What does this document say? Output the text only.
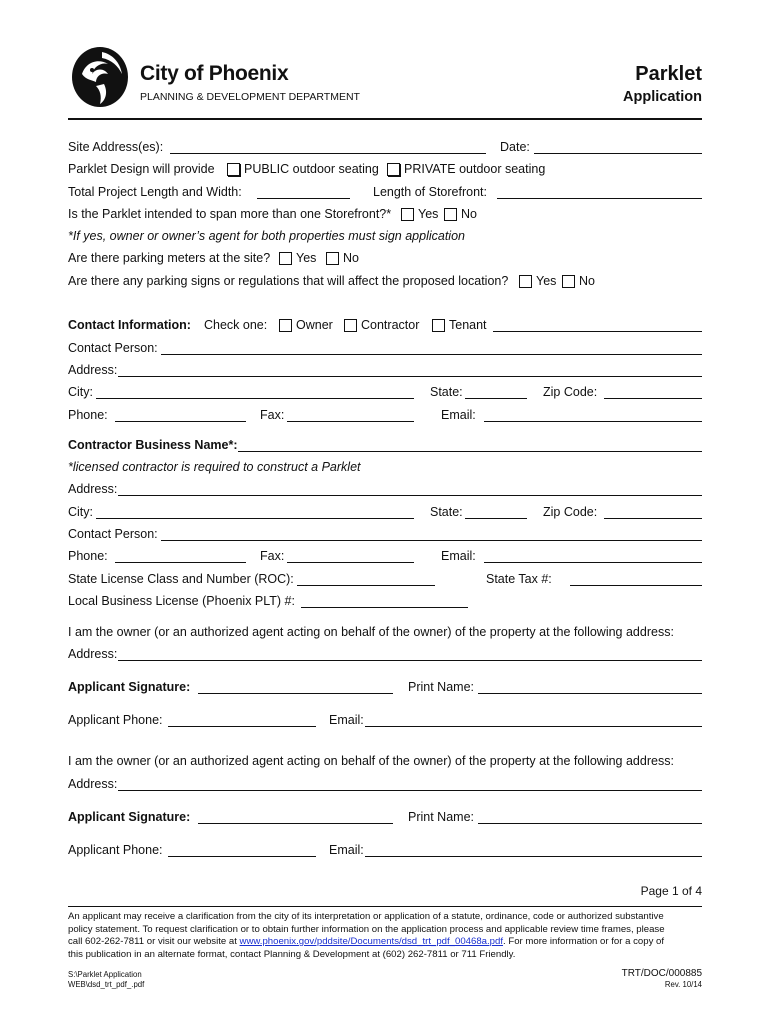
City of Phoenix
PLANNING & DEVELOPMENT DEPARTMENT
Parklet
Application
Site Address(es):	Date:
Parklet Design will provide PUBLIC outdoor seating PRIVATE outdoor seating
Total Project Length and Width:	Length of Storefront:
Is the Parklet intended to span more than one Storefront?* Yes No
*If yes, owner or owner’s agent for both properties must sign application
Are there parking meters at the site? Yes No
Are there any parking signs or regulations that will affect the proposed location? Yes No
Contact Information: Check one: Owner Contractor Tenant
Contact Person:
Address:
City:	State:	Zip Code:
Phone:	Fax:	Email:
Contractor Business Name*:
*licensed contractor is required to construct a Parklet
Address:
City:	State:	Zip Code:
Contact Person:
Phone:	Fax:	Email:
State License Class and Number (ROC):	State Tax #:
Local Business License (Phoenix PLT) #:
I am the owner (or an authorized agent acting on behalf of the owner) of the property at the following address:
Address:
Applicant Signature:	Print Name:
Applicant Phone:	Email:
I am the owner (or an authorized agent acting on behalf of the owner) of the property at the following address:
Address:
Applicant Signature:	Print Name:
Applicant Phone:	Email:
Page 1 of 4
An applicant may receive a clarification from the city of its interpretation or application of a statute, ordinance, code or authorized substantive
policy statement. To request clarification or to obtain further information on the application process and applicable review time frames, please
call 602-262-7811 or visit our website at www.phoenix.gov/pddsite/Documents/dsd_trt_pdf_00468a.pdf. For more information or for a copy of
this publication in an alternate format, contact Planning & Development at (602) 262-7811 or 711 Friendly.
S:\Parklet Application
WEB\dsd_trt_pdf_.pdf
TRT/DOC/000885
Rev. 10/14
